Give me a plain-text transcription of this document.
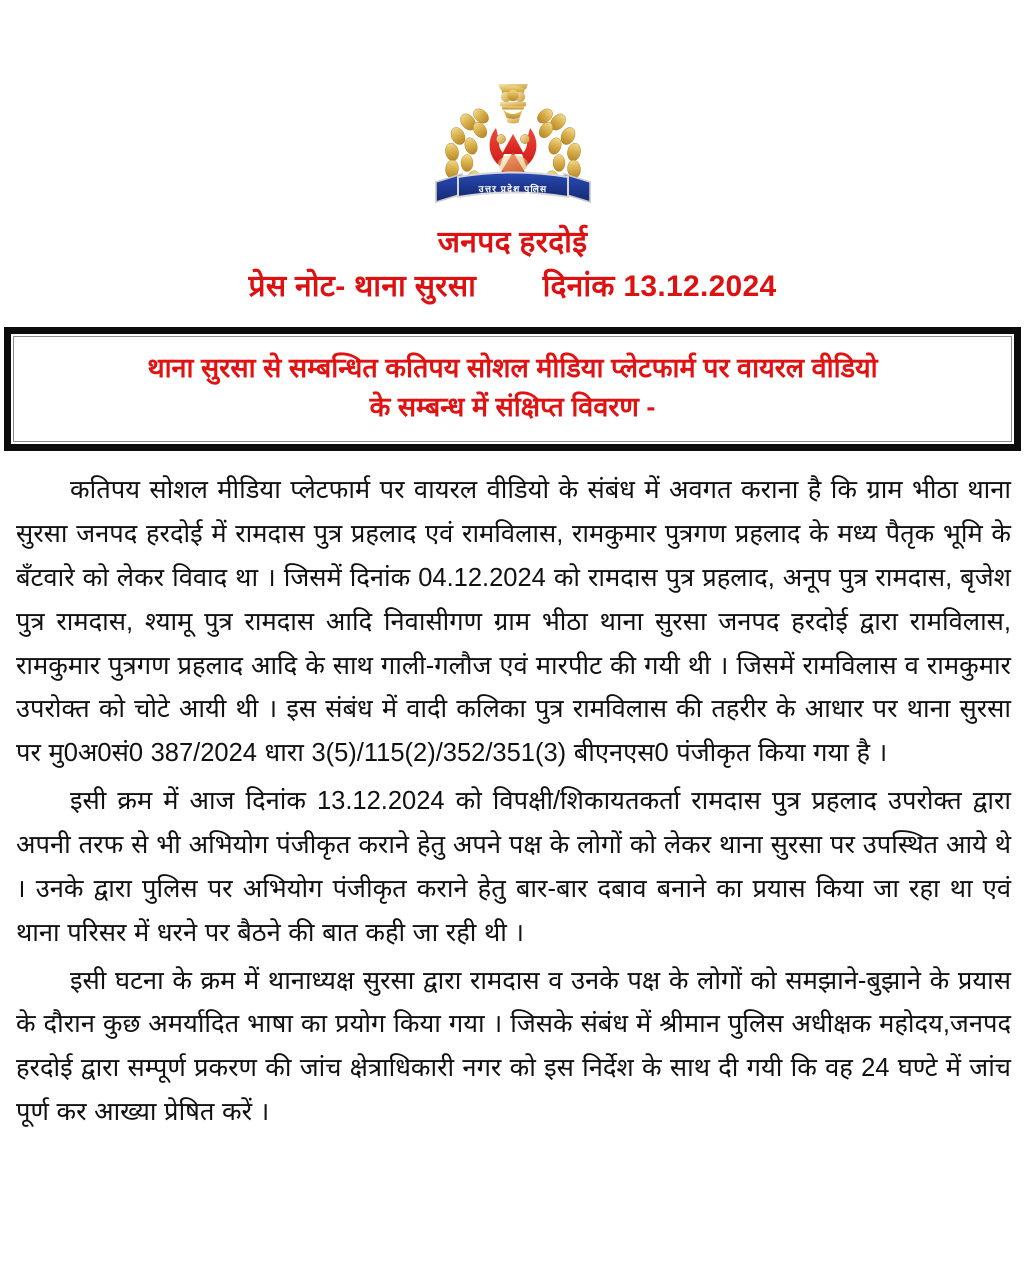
उत्तर प्रदेश पुलिस
जनपद हरदोई
प्रेस नोट- थाना सुरसा दिनांक 13.12.2024
थाना सुरसा से सम्बन्धित कतिपय सोशल मीडिया प्लेटफार्म पर वायरल वीडियो
के सम्बन्ध में संक्षिप्त विवरण -

कतिपय सोशल मीडिया प्लेटफार्म पर वायरल वीडियो के संबंध में अवगत कराना है कि ग्राम भीठा थाना सुरसा जनपद हरदोई में रामदास पुत्र प्रहलाद एवं रामविलास, रामकुमार पुत्रगण प्रहलाद के मध्य पैतृक भूमि के बँटवारे को लेकर विवाद था । जिसमें दिनांक 04.12.2024 को रामदास पुत्र प्रहलाद, अनूप पुत्र रामदास, बृजेश पुत्र रामदास, श्यामू पुत्र रामदास आदि निवासीगण ग्राम भीठा थाना सुरसा जनपद हरदोई द्वारा रामविलास, रामकुमार पुत्रगण प्रहलाद आदि के साथ गाली-गलौज एवं मारपीट की गयी थी । जिसमें रामविलास व रामकुमार उपरोक्त को चोटे आयी थी । इस संबंध में वादी कलिका पुत्र रामविलास की तहरीर के आधार पर थाना सुरसा पर मु0अ0सं0 387/2024 धारा 3(5)/115(2)/352/351(3) बीएनएस0 पंजीकृत किया गया है ।

इसी क्रम में आज दिनांक 13.12.2024 को विपक्षी/शिकायतकर्ता रामदास पुत्र प्रहलाद उपरोक्त द्वारा अपनी तरफ से भी अभियोग पंजीकृत कराने हेतु अपने पक्ष के लोगों को लेकर थाना सुरसा पर उपस्थित आये थे । उनके द्वारा पुलिस पर अभियोग पंजीकृत कराने हेतु बार-बार दबाव बनाने का प्रयास किया जा रहा था एवं थाना परिसर में धरने पर बैठने की बात कही जा रही थी ।

इसी घटना के क्रम में थानाध्यक्ष सुरसा द्वारा रामदास व उनके पक्ष के लोगों को समझाने-बुझाने के प्रयास के दौरान कुछ अमर्यादित भाषा का प्रयोग किया गया । जिसके संबंध में श्रीमान पुलिस अधीक्षक महोदय,जनपद हरदोई द्वारा सम्पूर्ण प्रकरण की जांच क्षेत्राधिकारी नगर को इस निर्देश के साथ दी गयी कि वह 24 घण्टे में जांच पूर्ण कर आख्या प्रेषित करें ।
